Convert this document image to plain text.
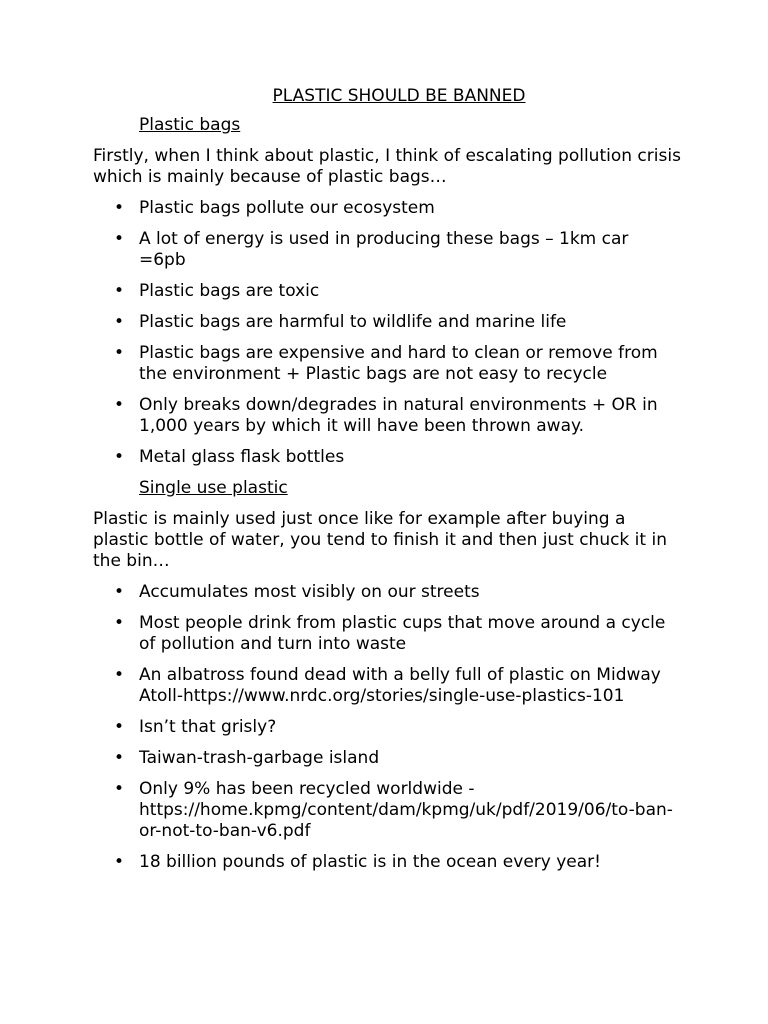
PLASTIC SHOULD BE BANNED
Plastic bags
Firstly, when I think about plastic, I think of escalating pollution crisis which is mainly because of plastic bags…
• Plastic bags pollute our ecosystem
• A lot of energy is used in producing these bags – 1km car =6pb
• Plastic bags are toxic
• Plastic bags are harmful to wildlife and marine life
• Plastic bags are expensive and hard to clean or remove from the environment + Plastic bags are not easy to recycle
• Only breaks down/degrades in natural environments + OR in 1,000 years by which it will have been thrown away.
• Metal glass flask bottles
Single use plastic
Plastic is mainly used just once like for example after buying a plastic bottle of water, you tend to finish it and then just chuck it in the bin…
• Accumulates most visibly on our streets
• Most people drink from plastic cups that move around a cycle of pollution and turn into waste
• An albatross found dead with a belly full of plastic on Midway Atoll-https://www.nrdc.org/stories/single-use-plastics-101
• Isn’t that grisly?
• Taiwan-trash-garbage island
• Only 9% has been recycled worldwide -https://home.kpmg/content/dam/kpmg/uk/pdf/2019/06/to-ban-or-not-to-ban-v6.pdf
• 18 billion pounds of plastic is in the ocean every year!
